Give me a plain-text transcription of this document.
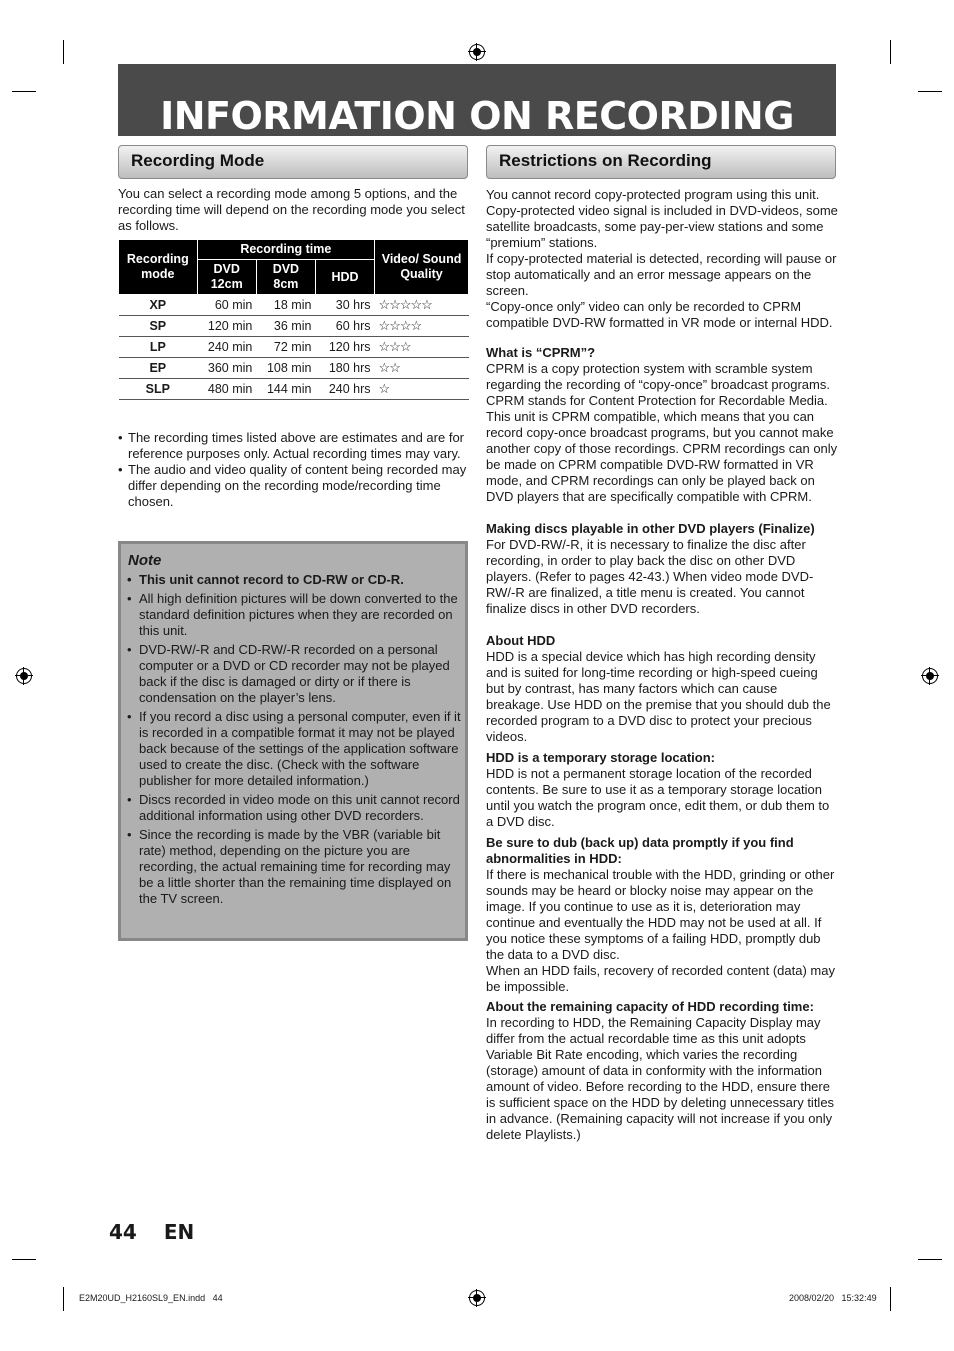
INFORMATION ON RECORDING
Recording Mode

You can select a recording mode among 5 options, and the recording time will depend on the recording mode you select as follows.

Recording mode	Recording time			Video/ Sound Quality
	DVD 12cm	DVD 8cm	HDD	
XP	60 min	18 min	30 hrs	☆☆☆☆☆
SP	120 min	36 min	60 hrs	☆☆☆☆
LP	240 min	72 min	120 hrs	☆☆☆
EP	360 min	108 min	180 hrs	☆☆
SLP	480 min	144 min	240 hrs	☆
• The recording times listed above are estimates and are for reference purposes only. Actual recording times may vary.
• The audio and video quality of content being recorded may differ depending on the recording mode/recording time chosen.
Note
• This unit cannot record to CD-RW or CD-R.
• All high definition pictures will be down converted to the standard definition pictures when they are recorded on this unit.
• DVD-RW/-R and CD-RW/-R recorded on a personal computer or a DVD or CD recorder may not be played back if the disc is damaged or dirty or if there is condensation on the player’s lens.
• If you record a disc using a personal computer, even if it is recorded in a compatible format it may not be played back because of the settings of the application software used to create the disc. (Check with the software publisher for more detailed information.)
• Discs recorded in video mode on this unit cannot record additional information using other DVD recorders.
• Since the recording is made by the VBR (variable bit rate) method, depending on the picture you are recording, the actual remaining time for recording may be a little shorter than the remaining time displayed on the TV screen.
Restrictions on Recording

You cannot record copy-protected program using this unit. Copy-protected video signal is included in DVD-videos, some satellite broadcasts, some pay-per-view stations and some “premium” stations.

If copy-protected material is detected, recording will pause or stop automatically and an error message appears on the screen.

“Copy-once only” video can only be recorded to CPRM compatible DVD-RW formatted in VR mode or internal HDD.

What is “CPRM”?

CPRM is a copy protection system with scramble system regarding the recording of “copy-once” broadcast programs. CPRM stands for Content Protection for Recordable Media.

This unit is CPRM compatible, which means that you can record copy-once broadcast programs, but you cannot make another copy of those recordings. CPRM recordings can only be made on CPRM compatible DVD-RW formatted in VR mode, and CPRM recordings can only be played back on DVD players that are specifically compatible with CPRM.

Making discs playable in other DVD players (Finalize)

For DVD-RW/-R, it is necessary to finalize the disc after recording, in order to play back the disc on other DVD players. (Refer to pages 42-43.) When video mode DVD-RW/-R are finalized, a title menu is created. You cannot finalize discs in other DVD recorders.

About HDD

HDD is a special device which has high recording density and is suited for long-time recording or high-speed cueing but by contrast, has many factors which can cause breakage. Use HDD on the premise that you should dub the recorded program to a DVD disc to protect your precious videos.

HDD is a temporary storage location:

HDD is not a permanent storage location of the recorded contents. Be sure to use it as a temporary storage location until you watch the program once, edit them, or dub them to a DVD disc.

Be sure to dub (back up) data promptly if you find abnormalities in HDD:

If there is mechanical trouble with the HDD, grinding or other sounds may be heard or blocky noise may appear on the image. If you continue to use as it is, deterioration may continue and eventually the HDD may not be used at all. If you notice these symptoms of a failing HDD, promptly dub the data to a DVD disc.

When an HDD fails, recovery of recorded content (data) may be impossible.

About the remaining capacity of HDD recording time:

In recording to HDD, the Remaining Capacity Display may differ from the actual recordable time as this unit adopts Variable Bit Rate encoding, which varies the recording (storage) amount of data in conformity with the information amount of video. Before recording to the HDD, ensure there is sufficient space on the HDD by deleting unnecessary titles in advance. (Remaining capacity will not increase if you only delete Playlists.)

44 EN
E2M20UD_H2160SL9_EN.indd   44	2008/02/20   15:32:49
